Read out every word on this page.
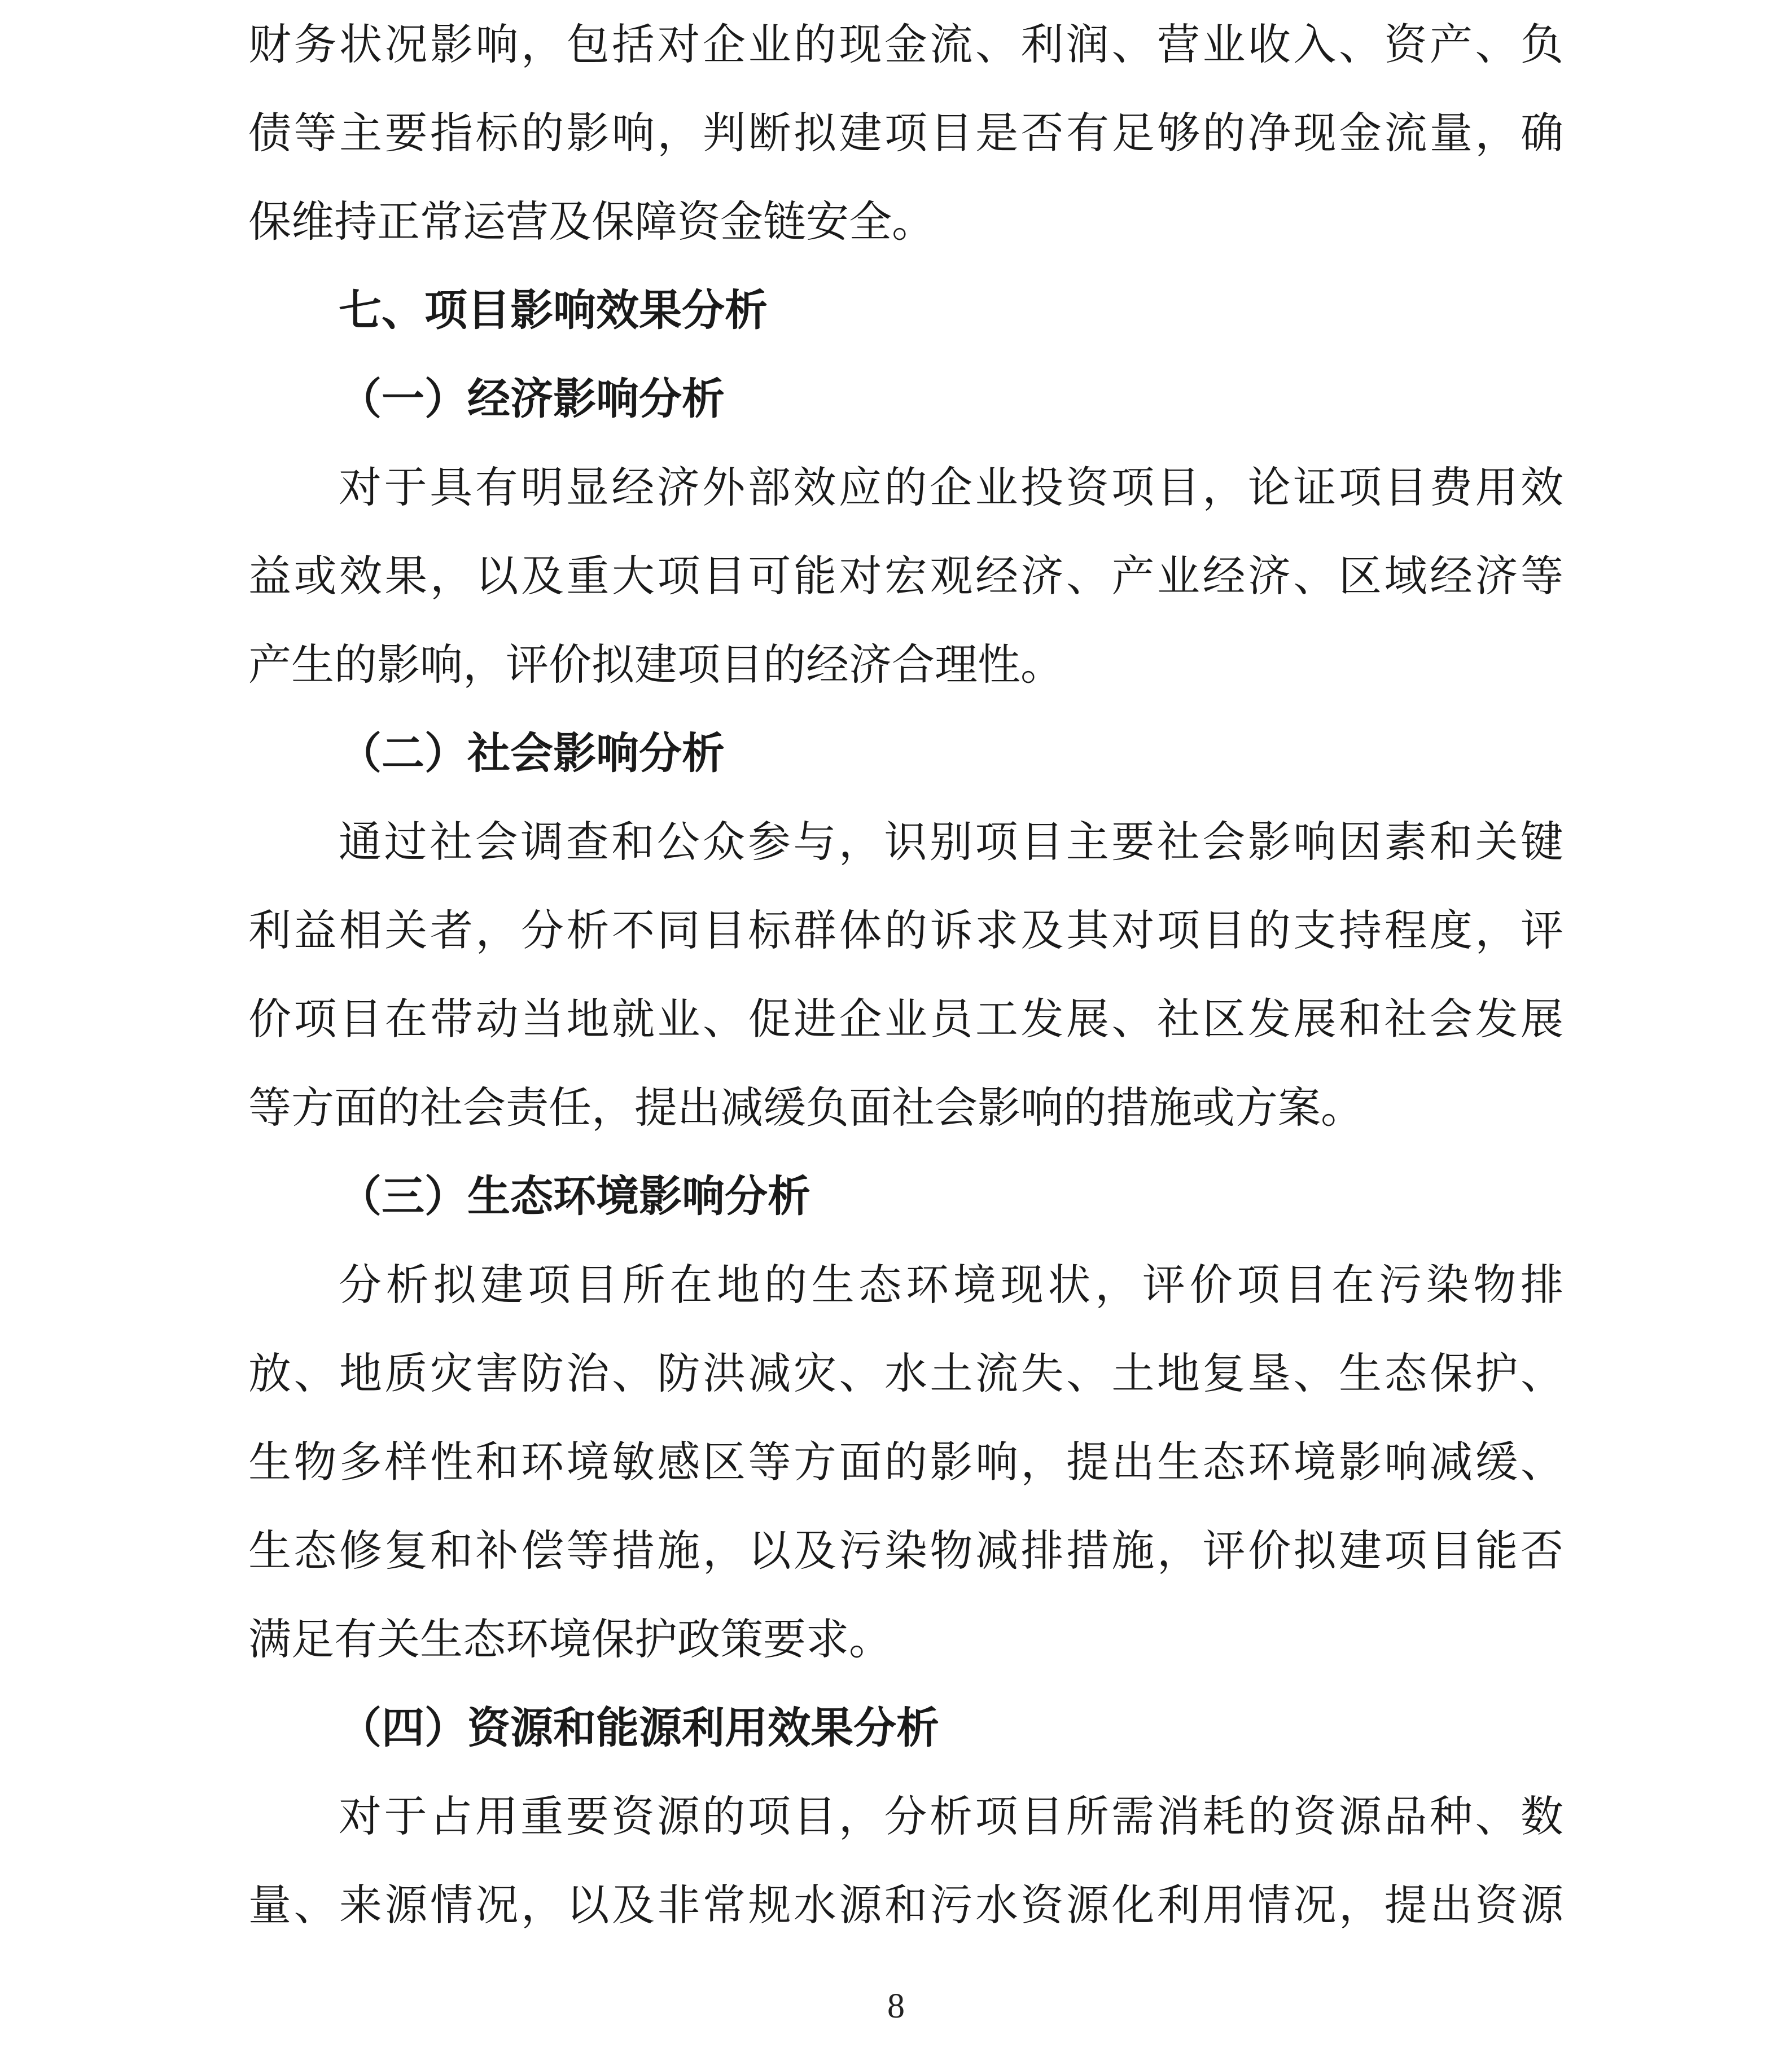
财务状况影响，包括对企业的现金流、利润、营业收入、资产、负
债等主要指标的影响，判断拟建项目是否有足够的净现金流量，确
保维持正常运营及保障资金链安全。
七、项目影响效果分析
（一）经济影响分析
对于具有明显经济外部效应的企业投资项目，论证项目费用效
益或效果，以及重大项目可能对宏观经济、产业经济、区域经济等
产生的影响，评价拟建项目的经济合理性。
（二）社会影响分析
通过社会调查和公众参与，识别项目主要社会影响因素和关键
利益相关者，分析不同目标群体的诉求及其对项目的支持程度，评
价项目在带动当地就业、促进企业员工发展、社区发展和社会发展
等方面的社会责任，提出减缓负面社会影响的措施或方案。
（三）生态环境影响分析
分析拟建项目所在地的生态环境现状，评价项目在污染物排
放、地质灾害防治、防洪减灾、水土流失、土地复垦、生态保护、
生物多样性和环境敏感区等方面的影响，提出生态环境影响减缓、
生态修复和补偿等措施，以及污染物减排措施，评价拟建项目能否
满足有关生态环境保护政策要求。
（四）资源和能源利用效果分析
对于占用重要资源的项目，分析项目所需消耗的资源品种、数
量、来源情况，以及非常规水源和污水资源化利用情况，提出资源
8
